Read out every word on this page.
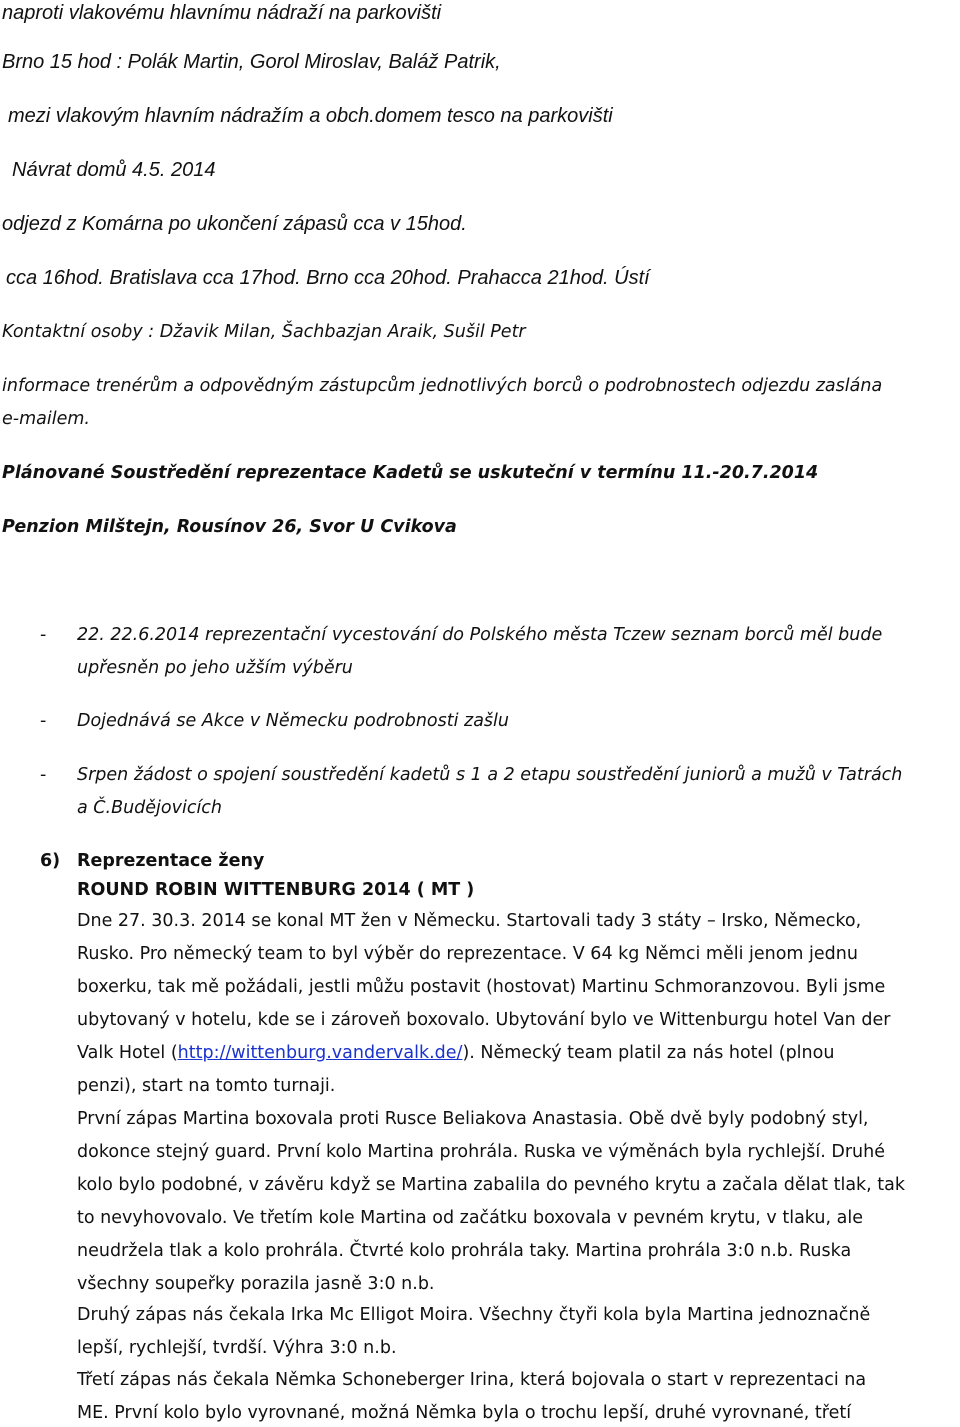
naproti vlakovému hlavnímu nádraží na parkovišti
Brno 15 hod : Polák Martin, Gorol Miroslav, Baláž Patrik,
mezi vlakovým hlavním nádražím a obch.domem tesco na parkovišti
Návrat domů 4.5. 2014
odjezd z Komárna po ukončení zápasů cca v 15hod.
cca 16hod. Bratislava cca 17hod. Brno cca 20hod. Prahacca 21hod. Ústí
Kontaktní osoby : Džavik Milan, Šachbazjan Araik, Sušil Petr
informace trenérům a odpovědným zástupcům jednotlivých borců o podrobnostech odjezdu zaslána
e-mailem.
Plánované Soustředění reprezentace Kadetů se uskuteční v termínu 11.-20.7.2014
Penzion Milštejn, Rousínov 26, Svor U Cvikova
- 22. 22.6.2014 reprezentační vycestování do Polského města Tczew seznam borců měl bude
upřesněn po jeho užším výběru
- Dojednává se Akce v Německu podrobnosti zašlu
- Srpen žádost o spojení soustředění kadetů s 1 a 2 etapu soustředění juniorů a mužů v Tatrách
a Č.Budějovicích
6) Reprezentace ženy
ROUND ROBIN WITTENBURG 2014 ( MT )
Dne 27. 30.3. 2014 se konal MT žen v Německu. Startovali tady 3 státy – Irsko, Německo,
Rusko. Pro německý team to byl výběr do reprezentace. V 64 kg Němci měli jenom jednu
boxerku, tak mě požádali, jestli můžu postavit (hostovat) Martinu Schmoranzovou. Byli jsme
ubytovaný v hotelu, kde se i zároveň boxovalo. Ubytování bylo ve Wittenburgu hotel Van der
Valk Hotel (http://wittenburg.vandervalk.de/). Německý team platil za nás hotel (plnou
penzi), start na tomto turnaji.
První zápas Martina boxovala proti Rusce Beliakova Anastasia. Obě dvě byly podobný styl,
dokonce stejný guard. První kolo Martina prohrála. Ruska ve výměnách byla rychlejší. Druhé
kolo bylo podobné, v závěru když se Martina zabalila do pevného krytu a začala dělat tlak, tak
to nevyhovovalo. Ve třetím kole Martina od začátku boxovala v pevném krytu, v tlaku, ale
neudržela tlak a kolo prohrála. Čtvrté kolo prohrála taky. Martina prohrála 3:0 n.b. Ruska
všechny soupeřky porazila jasně 3:0 n.b.
Druhý zápas nás čekala Irka Mc Elligot Moira. Všechny čtyři kola byla Martina jednoznačně
lepší, rychlejší, tvrdší. Výhra 3:0 n.b.
Třetí zápas nás čekala Němka Schoneberger Irina, která bojovala o start v reprezentaci na
ME. První kolo bylo vyrovnané, možná Němka byla o trochu lepší, druhé vyrovnané, třetí
